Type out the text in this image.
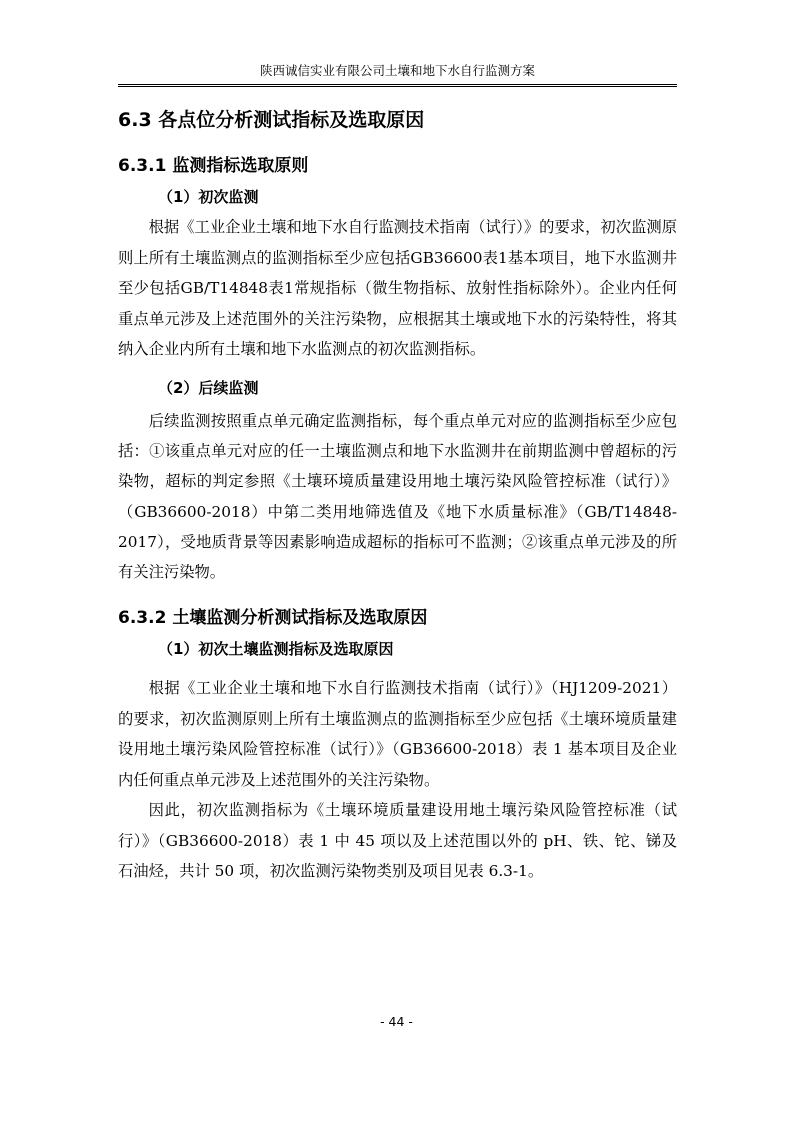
陕西诚信实业有限公司土壤和地下水自行监测方案
6.3 各点位分析测试指标及选取原因
6.3.1 监测指标选取原则
（1）初次监测

根据《工业企业土壤和地下水自行监测技术指南（试行）》的要求，初次监测原则上所有土壤监测点的监测指标至少应包括GB36600表1基本项目，地下水监测井至少包括GB/T14848表1常规指标（微生物指标、放射性指标除外）。企业内任何重点单元涉及上述范围外的关注污染物，应根据其土壤或地下水的污染特性，将其纳入企业内所有土壤和地下水监测点的初次监测指标。

（2）后续监测

后续监测按照重点单元确定监测指标，每个重点单元对应的监测指标至少应包括：①该重点单元对应的任一土壤监测点和地下水监测井在前期监测中曾超标的污染物，超标的判定参照《土壤环境质量建设用地土壤污染风险管控标准（试行）》（GB36600-2018）中第二类用地筛选值及《地下水质量标准》（GB/T14848-2017），受地质背景等因素影响造成超标的指标可不监测；②该重点单元涉及的所有关注污染物。

6.3.2 土壤监测分析测试指标及选取原因
（1）初次土壤监测指标及选取原因

根据《工业企业土壤和地下水自行监测技术指南（试行）》（HJ1209-2021）的要求，初次监测原则上所有土壤监测点的监测指标至少应包括《土壤环境质量建设用地土壤污染风险管控标准（试行）》（GB36600-2018）表 1 基本项目及企业内任何重点单元涉及上述范围外的关注污染物。

因此，初次监测指标为《土壤环境质量建设用地土壤污染风险管控标准（试行）》（GB36600-2018）表 1 中 45 项以及上述范围以外的 pH、铁、铊、锑及石油烃，共计 50 项，初次监测污染物类别及项目见表 6.3-1。

- 44 -
